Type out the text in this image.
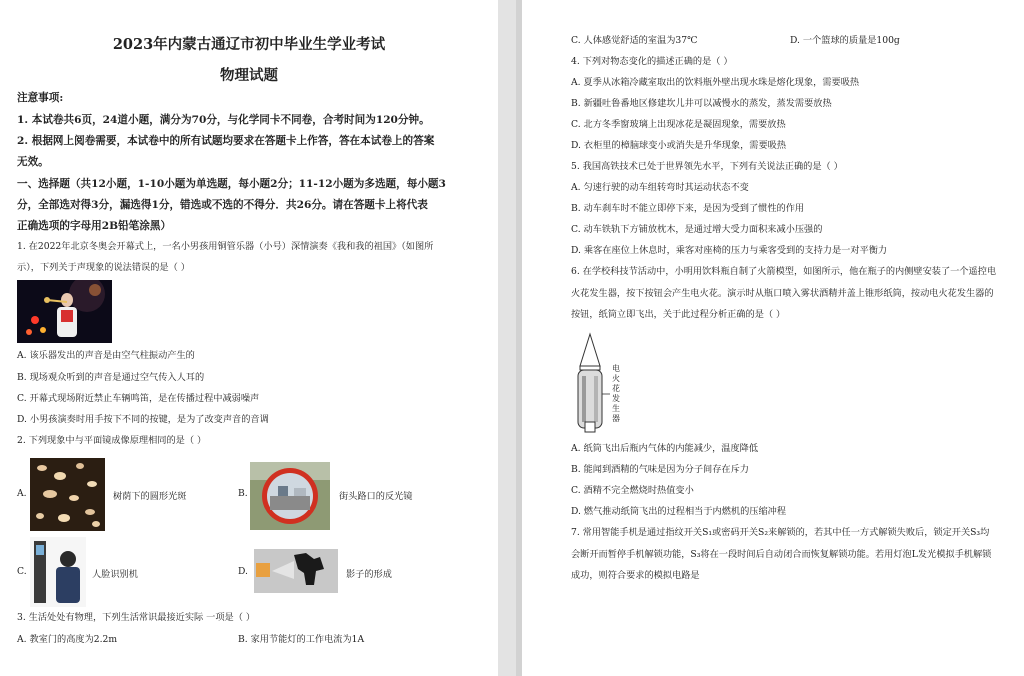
2023年内蒙古通辽市初中毕业生学业考试
物理试题
注意事项:
1. 本试卷共6页，24道小题，满分为70分，与化学同卡不同卷，合考时间为120分钟。
2. 根据网上阅卷需要，本试卷中的所有试题均要求在答题卡上作答，答在本试卷上的答案
无效。
一、选择题（共12小题，1-10小题为单选题，每小题2分；11-12小题为多选题，每小题3
分，全部选对得3分，漏选得1分，错选或不选的不得分．共26分。请在答题卡上将代表
正确选项的字母用2B铅笔涂黑）
1. 在2022年北京冬奥会开幕式上，一名小男孩用铜管乐器（小号）深情演奏《我和我的祖国》（如图所
示），下列关于声现象的说法错误的是（ ）
A. 该乐器发出的声音是由空气柱振动产生的
B. 现场观众听到的声音是通过空气传入人耳的
C. 开幕式现场附近禁止车辆鸣笛，是在传播过程中减弱噪声
D. 小男孩演奏时用手按下不同的按键，是为了改变声音的音调
2. 下列现象中与平面镜成像原理相同的是（ ）
A.	树荫下的圆形光斑	B.	街头路口的反光镜
C.	人脸识别机	D.	影子的形成
3. 生活处处有物理，下列生活常识最接近实际 一项是（ ）
A. 教室门的高度为2.2m	B. 家用节能灯的工作电流为1A
C. 人体感觉舒适的室温为37℃	D. 一个篮球的质量是100g
4. 下列对物态变化的描述正确的是（ ）
A. 夏季从冰箱冷藏室取出的饮料瓶外壁出现水珠是熔化现象，需要吸热
B. 新疆吐鲁番地区修建坎儿井可以减慢水的蒸发，蒸发需要放热
C. 北方冬季窗玻璃上出现冰花是凝固现象，需要放热
D. 衣柜里的樟脑球变小或消失是升华现象，需要吸热
5. 我国高铁技术已处于世界领先水平，下列有关说法正确的是（ ）
A. 匀速行驶的动车组转弯时其运动状态不变
B. 动车刹车时不能立即停下来，是因为受到了惯性的作用
C. 动车铁轨下方铺放枕木，是通过增大受力面积来减小压强的
D. 乘客在座位上休息时，乘客对座椅的压力与乘客受到的支持力是一对平衡力
6. 在学校科技节活动中，小明用饮料瓶自制了火箭模型，如图所示，他在瓶子的内侧壁安装了一个遥控电
火花发生器，按下按钮会产生电火花。演示时从瓶口喷入雾状酒精并盖上锥形纸筒，按动电火花发生器的
按钮，纸筒立即飞出，关于此过程分析正确的是（ ）
电
火
花
发
生
器
A. 纸筒飞出后瓶内气体的内能减少，温度降低
B. 能闻到酒精的气味是因为分子间存在斥力
C. 酒精不完全燃烧时热值变小
D. 燃气推动纸筒飞出的过程相当于内燃机的压缩冲程
7. 常用智能手机是通过指纹开关S₁或密码开关S₂来解锁的，若其中任一方式解锁失败后，锁定开关S₃均
会断开而暂停手机解锁功能，S₃将在一段时间后自动闭合而恢复解锁功能。若用灯泡L发光模拟手机解锁
成功，则符合要求的模拟电路是
